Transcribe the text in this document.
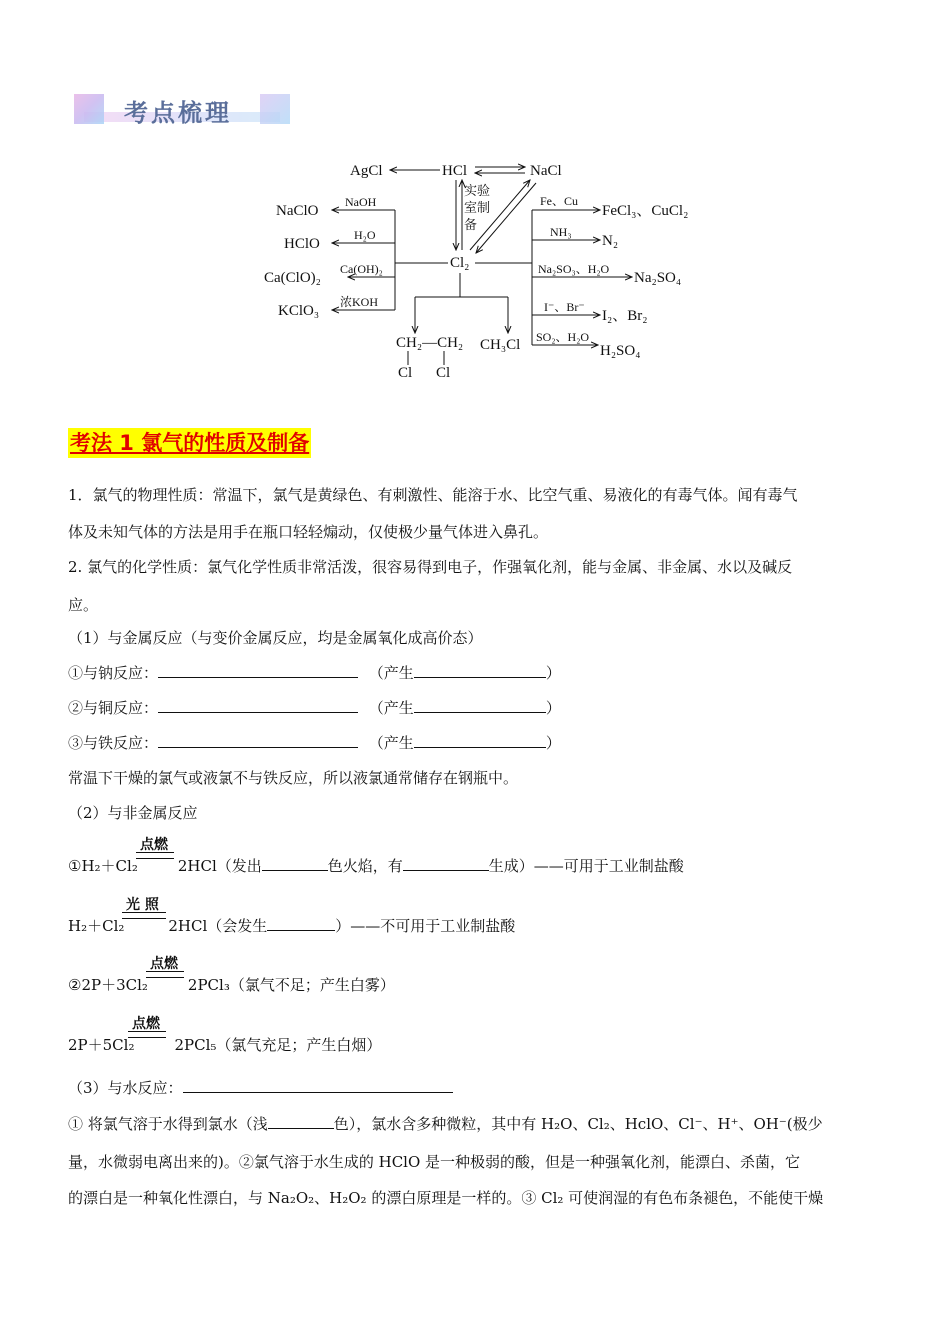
考点梳理
AgCl	HCl	NaCl
实验
室制
备
Cl₂
NaClO
NaOH
HClO
H₂O
Ca(ClO)₂
Ca(OH)₂
KClO₃
浓KOH
Fe、Cu
FeCl₃、CuCl₂
NH₃
N₂
Na₂SO₃、H₂O
Na₂SO₄
I⁻、Br⁻
I₂、Br₂
SO₂、H₂O
H₂SO₄
CH₂—CH₂
Cl Cl
CH₃Cl
考法 1 氯气的性质及制备
1．氯气的物理性质：常温下，氯气是黄绿色、有刺激性、能溶于水、比空气重、易液化的有毒气体。闻有毒气
体及未知气体的方法是用手在瓶口轻轻煽动，仅使极少量气体进入鼻孔。
2. 氯气的化学性质：氯气化学性质非常活泼，很容易得到电子，作强氧化剂，能与金属、非金属、水以及碱反
应。
（1）与金属反应（与变价金属反应，均是金属氧化成高价态）
①与钠反应：	（产生	）
②与铜反应：	（产生	）
③与铁反应：	（产生	）
常温下干燥的氯气或液氯不与铁反应，所以液氯通常储存在钢瓶中。
（2）与非金属反应
点燃
①H₂＋Cl₂	2HCl（发出	色火焰，有	生成）——可用于工业制盐酸
光 照
H₂＋Cl₂	2HCl（会发生	）——不可用于工业制盐酸
点燃
②2P＋3Cl₂	2PCl₃（氯气不足；产生白雾）
点燃
2P＋5Cl₂	2PCl₅（氯气充足；产生白烟）
（3）与水反应：
① 将氯气溶于水得到氯水（浅	色），氯水含多种微粒，其中有 H₂O、Cl₂、HclO、Cl⁻、H⁺、OH⁻(极少
量，水微弱电离出来的)。②氯气溶于水生成的 HClO 是一种极弱的酸，但是一种强氧化剂，能漂白、杀菌，它
的漂白是一种氧化性漂白，与 Na₂O₂、H₂O₂ 的漂白原理是一样的。③ Cl₂ 可使润湿的有色布条褪色，不能使干燥
